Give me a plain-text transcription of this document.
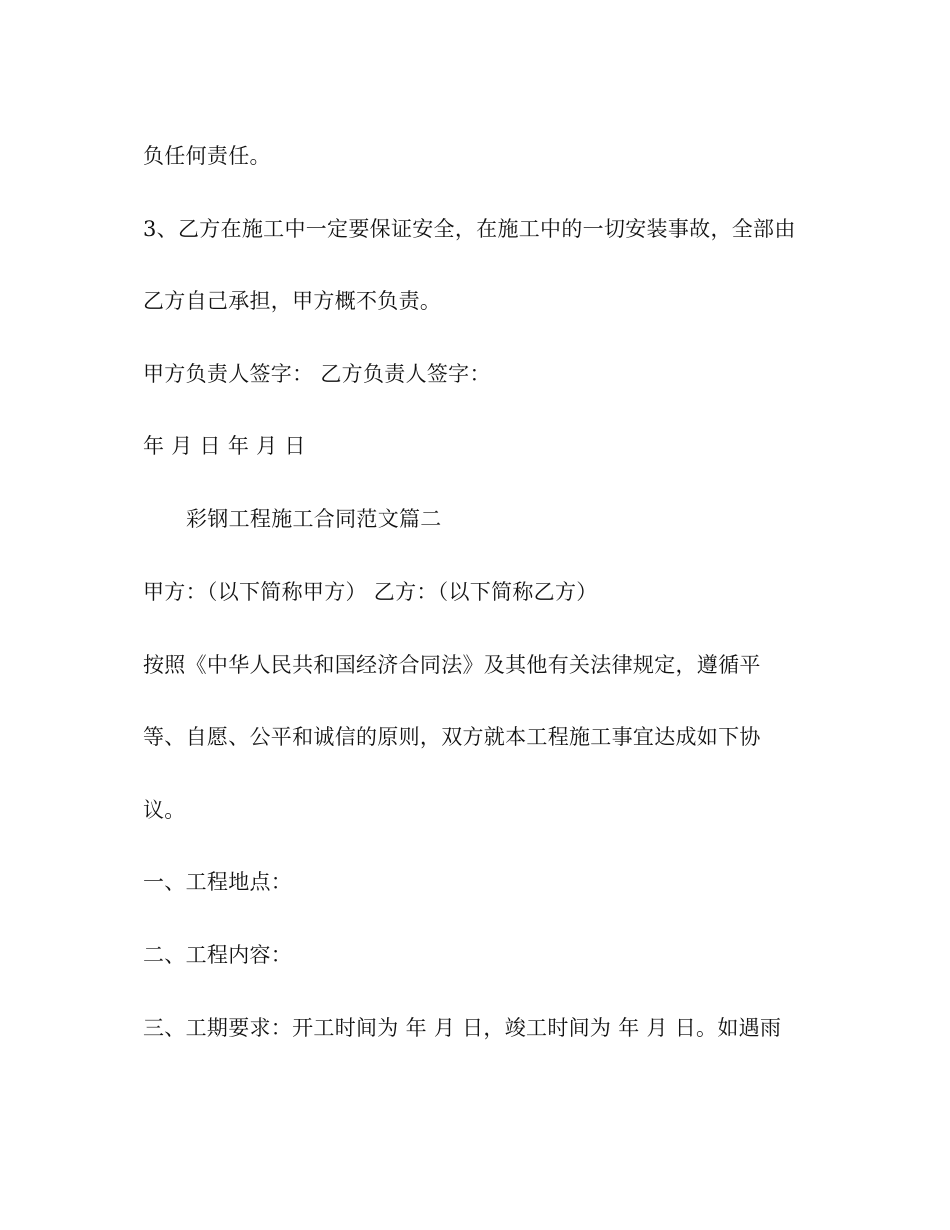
负任何责任。
3、乙方在施工中一定要保证安全，在施工中的一切安装事故，全部由
乙方自己承担，甲方概不负责。
甲方负责人签字： 乙方负责人签字：
年 月 日 年 月 日
彩钢工程施工合同范文篇二
甲方：（以下简称甲方） 乙方：（以下简称乙方）
按照《中华人民共和国经济合同法》及其他有关法律规定，遵循平
等、自愿、公平和诚信的原则，双方就本工程施工事宜达成如下协
议。
一、工程地点：
二、工程内容：
三、工期要求：开工时间为 年 月 日，竣工时间为 年 月 日。如遇雨
